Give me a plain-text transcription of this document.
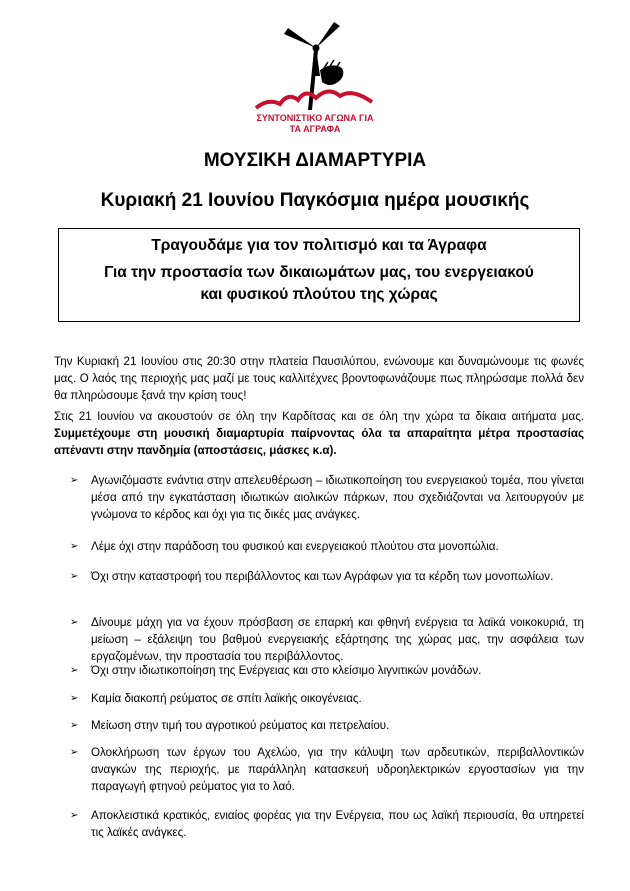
ΣΥΝΤΟΝΙΣΤΙΚΟ ΑΓΩΝΑ ΓΙΑ
ΤΑ ΑΓΡΑΦΑ
ΜΟΥΣΙΚΗ ΔΙΑΜΑΡΤΥΡΙΑ
Κυριακή 21 Ιουνίου Παγκόσμια ημέρα μουσικής
Τραγουδάμε για τον πολιτισμό και τα Άγραφα
Για την προστασία των δικαιωμάτων μας, του ενεργειακού
και φυσικού πλούτου της χώρας
Την Κυριακή 21 Ιουνίου στις 20:30 στην πλατεία Παυσιλύπου, ενώνουμε και δυναμώνουμε τις φωνές μας. Ο λαός της περιοχής μας μαζί με τους καλλιτέχνες βροντοφωνάζουμε πως πληρώσαμε πολλά δεν θα πληρώσουμε ξανά την κρίση τους!
Στις 21 Ιουνίου να ακουστούν σε όλη την Καρδίτσας και σε όλη την χώρα τα δίκαια αιτήματα μας. Συμμετέχουμε στη μουσική διαμαρτυρία παίρνοντας όλα τα απαραίτητα μέτρα προστασίας απέναντι στην πανδημία (αποστάσεις, μάσκες κ.α).
➢ Αγωνιζόμαστε ενάντια στην απελευθέρωση – ιδιωτικοποίηση του ενεργειακού τομέα, που γίνεται μέσα από την εγκατάσταση ιδιωτικών αιολικών πάρκων, που σχεδιάζονται να λειτουργούν με γνώμονα το κέρδος και όχι για τις δικές μας ανάγκες.
➢ Λέμε όχι στην παράδοση του φυσικού και ενεργειακού πλούτου στα μονοπώλια.
➢ Όχι στην καταστροφή του περιβάλλοντος και των Αγράφων για τα κέρδη των μονοπωλίων.
➢ Δίνουμε μάχη για να έχουν πρόσβαση σε επαρκή και φθηνή ενέργεια τα λαϊκά νοικοκυριά, τη μείωση – εξάλειψη του βαθμού ενεργειακής εξάρτησης της χώρας μας, την ασφάλεια των εργαζομένων, την προστασία του περιβάλλοντος.
➢ Όχι στην ιδιωτικοποίηση της Ενέργειας και στο κλείσιμο λιγνιτικών μονάδων.
➢ Καμία διακοπή ρεύματος σε σπίτι λαϊκής οικογένειας.
➢ Μείωση στην τιμή του αγροτικού ρεύματος και πετρελαίου.
➢ Ολοκλήρωση των έργων του Αχελώο, για την κάλυψη των αρδευτικών, περιβαλλοντικών αναγκών της περιοχής, με παράλληλη κατασκευή υδροηλεκτρικών εργοστασίων για την παραγωγή φτηνού ρεύματος για το λαό.
➢ Αποκλειστικά κρατικός, ενιαίος φορέας για την Ενέργεια, που ως λαϊκή περιουσία, θα υπηρετεί τις λαϊκές ανάγκες.
